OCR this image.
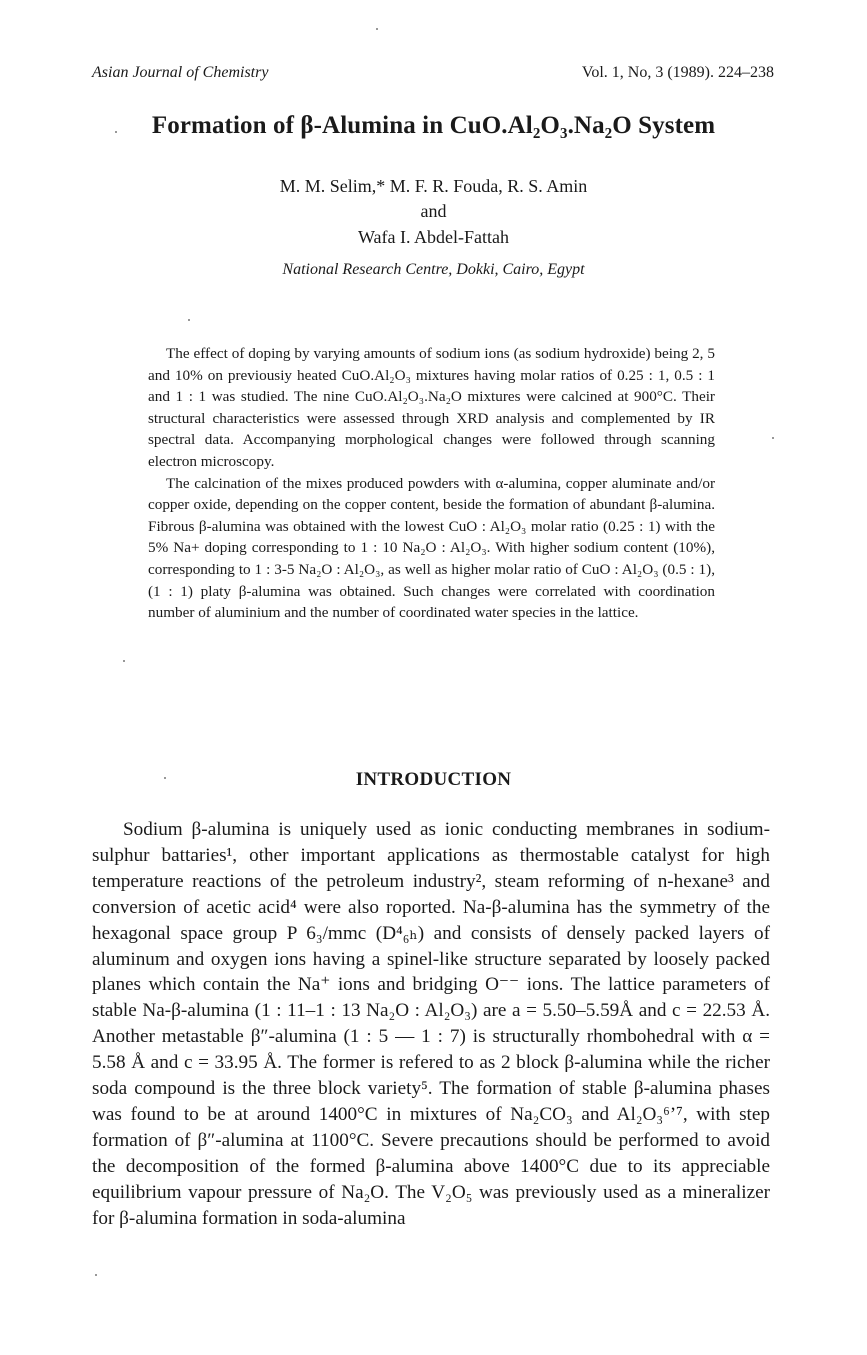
Asian Journal of Chemistry	Vol. 1, No, 3 (1989). 224–238
Formation of β-Alumina in CuO.Al₂O₃.Na₂O System
M. M. Selim,* M. F. R. Fouda, R. S. Amin
and
Wafa I. Abdel-Fattah
National Research Centre, Dokki, Cairo, Egypt

The effect of doping by varying amounts of sodium ions (as sodium hydroxide) being 2, 5 and 10% on previousiy heated CuO.Al₂O₃ mixtures having molar ratios of 0.25 : 1, 0.5 : 1 and 1 : 1 was studied. The nine CuO.Al₂O₃.Na₂O mixtures were calcined at 900°C. Their structural characteristics were assessed through XRD analysis and complemented by IR spectral data. Accompanying morphological changes were followed through scanning electron microscopy.

The calcination of the mixes produced powders with α-alumina, copper aluminate and/or copper oxide, depending on the copper content, beside the formation of abundant β-alumina. Fibrous β-alumina was obtained with the lowest CuO : Al₂O₃ molar ratio (0.25 : 1) with the 5% Na+ doping corresponding to 1 : 10 Na₂O : Al₂O₃. With higher sodium content (10%), corresponding to 1 : 3-5 Na₂O : Al₂O₃, as well as higher molar ratio of CuO : Al₂O₃ (0.5 : 1), (1 : 1) platy β-alumina was obtained. Such changes were correlated with coordination number of aluminium and the number of coordinated water species in the lattice.

INTRODUCTION

Sodium β-alumina is uniquely used as ionic conducting membranes in sodium-sulphur battaries¹, other important applications as thermostable catalyst for high temperature reactions of the petroleum industry², steam reforming of n-hexane³ and conversion of acetic acid⁴ were also roported. Na-β-alumina has the symmetry of the hexagonal space group P 6₃/mmc (D⁴₆ₕ) and consists of densely packed layers of aluminum and oxygen ions having a spinel-like structure separated by loosely packed planes which contain the Na⁺ ions and bridging O⁻⁻ ions. The lattice parameters of stable Na-β-alumina (1 : 11–1 : 13 Na₂O : Al₂O₃) are a = 5.50–5.59Å and c = 22.53 Å. Another metastable β″-alumina (1 : 5 — 1 : 7) is structurally rhombohedral with α = 5.58 Å and c = 33.95 Å. The former is refered to as 2 block β-alumina while the richer soda compound is the three block variety⁵. The formation of stable β-alumina phases was found to be at around 1400°C in mixtures of Na₂CO₃ and Al₂O₃⁶ʼ⁷, with step formation of β″-alumina at 1100°C. Severe precautions should be performed to avoid the decomposition of the formed β-alumina above 1400°C due to its appreciable equilibrium vapour pressure of Na₂O. The V₂O₅ was previously used as a mineralizer for β-alumina formation in soda-alumina
